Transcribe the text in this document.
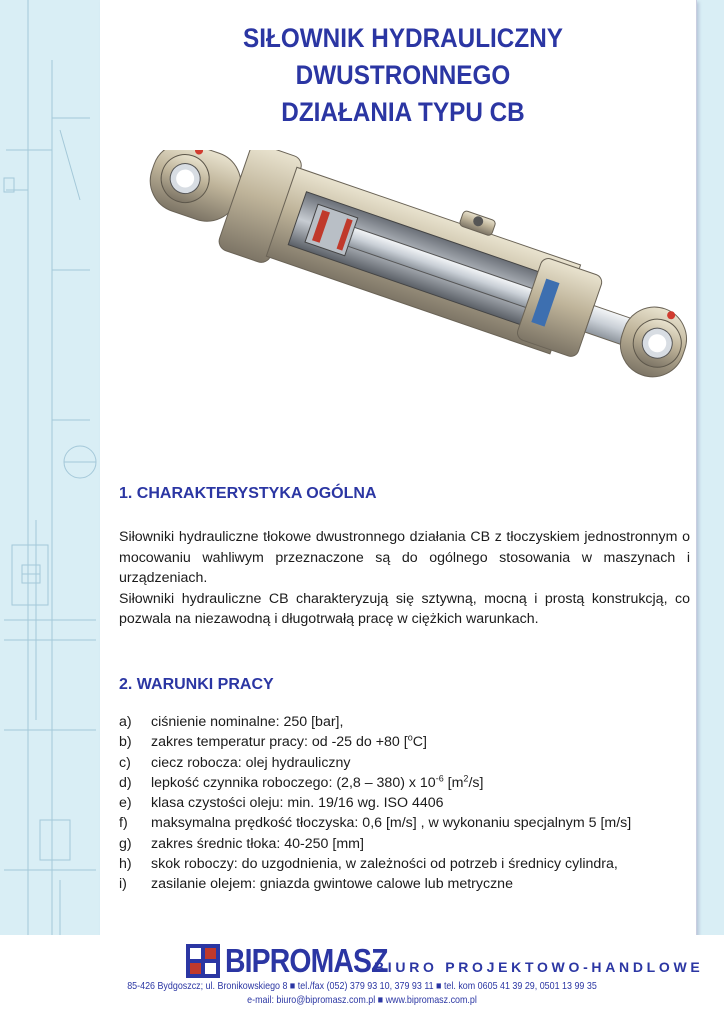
SIŁOWNIK HYDRAULICZNY DWUSTRONNEGO
DZIAŁANIA TYPU CB
1. CHARAKTERYSTYKA OGÓLNA

Siłowniki hydrauliczne tłokowe dwustronnego działania CB z tłoczyskiem jednostronnym o mocowaniu wahliwym przeznaczone są do ogólnego stosowania w maszynach i urządzeniach.

Siłowniki hydrauliczne CB charakteryzują się sztywną, mocną i prostą konstrukcją, co pozwala na niezawodną i długotrwałą pracę w ciężkich warunkach.

2. WARUNKI PRACY
a) ciśnienie nominalne: 250 [bar],
b) zakres temperatur pracy: od -25 do +80 [$^o$C]
c) ciecz robocza: olej hydrauliczny
d) lepkość czynnika roboczego: (2,8 – 380) x $10^{-6}$ $[m^2/s]$
e) klasa czystości oleju: min. 19/16 wg. ISO 4406
f) maksymalna prędkość tłoczyska: 0,6 [m/s] , w wykonaniu specjalnym 5 [m/s]
g) zakres średnic tłoka: 40-250 [mm]
h) skok roboczy: do uzgodnienia, w zależności od potrzeb i średnicy cylindra,
i) zasilanie olejem: gniazda gwintowe calowe lub metryczne
BIPROMASZ
BIURO PROJEKTOWO-HANDLOWE
85-426 Bydgoszcz; ul. Bronikowskiego 8 ■ tel./fax (052) 379 93 10, 379 93 11 ■ tel. kom 0605 41 39 29, 0501 13 99 35
e-mail: biuro@bipromasz.com.pl ■ www.bipromasz.com.pl
